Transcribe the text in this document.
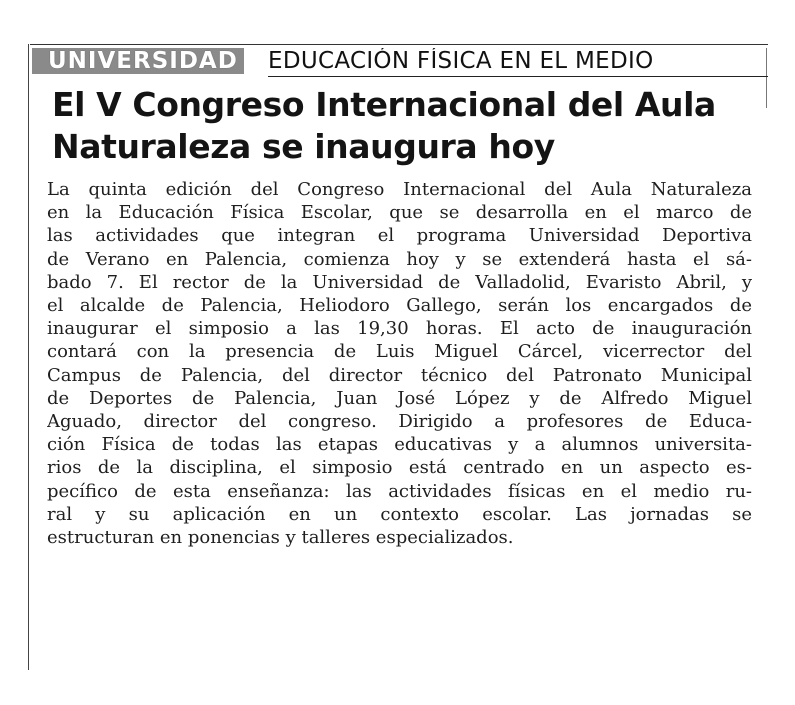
UNIVERSIDAD EDUCACIÓN FÍSICA EN EL MEDIO
El V Congreso Internacional del Aula
Naturaleza se inaugura hoy
La quinta edición del Congreso Internacional del Aula Naturaleza
en la Educación Física Escolar, que se desarrolla en el marco de
las actividades que integran el programa Universidad Deportiva
de Verano en Palencia, comienza hoy y se extenderá hasta el sá-
bado 7. El rector de la Universidad de Valladolid, Evaristo Abril, y
el alcalde de Palencia, Heliodoro Gallego, serán los encargados de
inaugurar el simposio a las 19,30 horas. El acto de inauguración
contará con la presencia de Luis Miguel Cárcel, vicerrector del
Campus de Palencia, del director técnico del Patronato Municipal
de Deportes de Palencia, Juan José López y de Alfredo Miguel
Aguado, director del congreso. Dirigido a profesores de Educa-
ción Física de todas las etapas educativas y a alumnos universita-
rios de la disciplina, el simposio está centrado en un aspecto es-
pecífico de esta enseñanza: las actividades físicas en el medio ru-
ral y su aplicación en un contexto escolar. Las jornadas se
estructuran en ponencias y talleres especializados.
